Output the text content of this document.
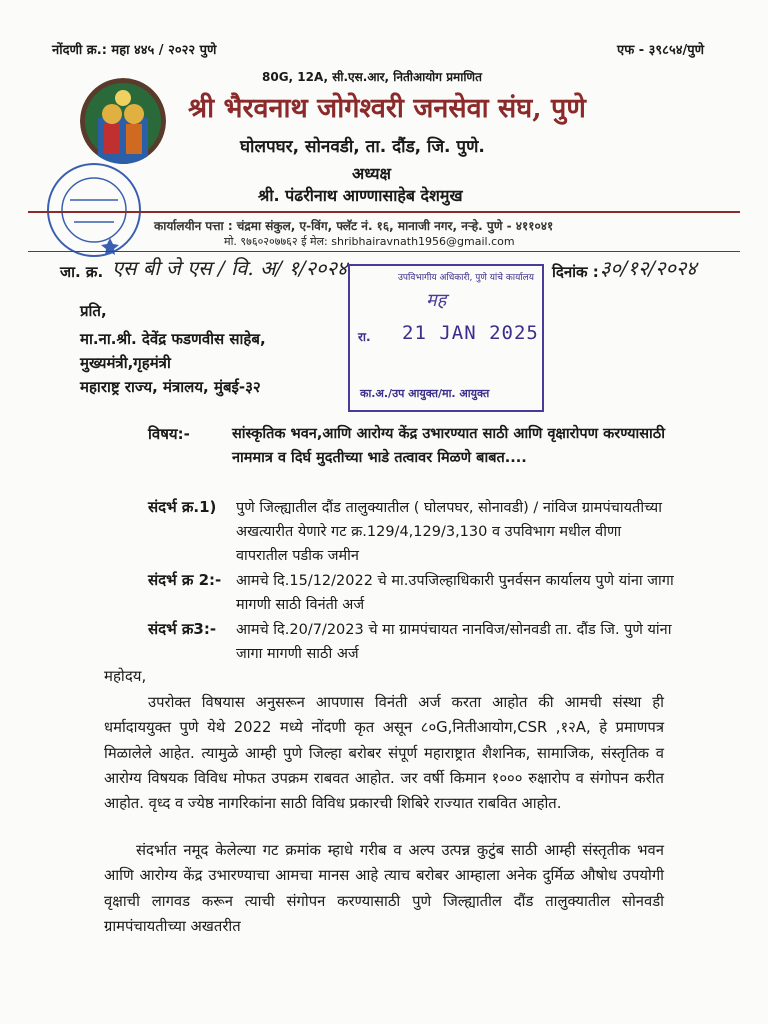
नोंदणी क्र.: महा ४४५ / २०२२ पुणे	एफ - ३९८५४/पुणे
80G, 12A, सी.एस.आर, नितीआयोग प्रमाणित
श्री भैरवनाथ जोगेश्वरी जनसेवा संघ, पुणे
घोलपघर, सोनवडी, ता. दौंड, जि. पुणे.
अध्यक्ष
श्री. पंढरीनाथ आण्णासाहेब देशमुख
कार्यालयीन पत्ता : चंद्रमा संकुल, ए-विंग, फ्लॅट नं. १६, मानाजी नगर, नऱ्हे. पुणे - ४११०४१
मो. ९७६०२०७७६२ ई मेल: shribhairavnath1956@gmail.com
जा. क्र. एस बी जे एस / वि. अ/ १/२०२४	दिनांक : ३०/१२/२०२४
उपविभागीय अधिकारी, पुणे यांचे कार्यालय
मह
रा. 21 JAN 2025
का.अ./उप आयुक्त/मा. आयुक्त
प्रति,
मा.ना.श्री. देवेंद्र फडणवीस साहेब,
मुख्यमंत्री,गृहमंत्री
महाराष्ट्र राज्य, मंत्रालय, मुंबई-३२
विषय:-	सांस्कृतिक भवन,आणि आरोग्य केंद्र उभारण्यात साठी आणि वृक्षारोपण करण्यासाठी नाममात्र व दिर्घ मुदतीच्या भाडे तत्वावर मिळणे बाबत....
संदर्भ क्र.1) पुणे जिल्ह्यातील दौंड तालुक्यातील ( घोलपघर, सोनावडी) / नांविज ग्रामपंचायतीच्या अखत्यारीत येणारे गट क्र.129/4,129/3,130 व उपविभाग मधील वीणा वापरातील पडीक जमीन
संदर्भ क्र 2:- आमचे दि.15/12/2022 चे मा.उपजिल्हाधिकारी पुनर्वसन कार्यालय पुणे यांना जागा मागणी साठी विनंती अर्ज
संदर्भ क्र3:- आमचे दि.20/7/2023 चे मा ग्रामपंचायत नानविज/सोनवडी ता. दौंड जि. पुणे यांना जागा मागणी साठी अर्ज
महोदय,
उपरोक्त विषयास अनुसरून आपणास विनंती अर्ज करता आहोत की आमची संस्था ही धर्मादाययुक्त पुणे येथे 2022 मध्ये नोंदणी कृत असून ८०G,नितीआयोग,CSR ,१२A, हे प्रमाणपत्र मिळालेले आहेत. त्यामुळे आम्ही पुणे जिल्हा बरोबर संपूर्ण महाराष्ट्रात शैशनिक, सामाजिक, संस्तृतिक व आरोग्य विषयक विविध मोफत उपक्रम राबवत आहोत. जर वर्षी किमान १००० रुक्षारोप व संगोपन करीत आहोत. वृध्द व ज्येष्ठ नागरिकांना साठी विविध प्रकारची शिबिरे राज्यात राबवित आहोत.
संदर्भात नमूद केलेल्या गट क्रमांक म्हाधे गरीब व अल्प उत्पन्न कुटुंब साठी आम्ही संस्तृतीक भवन आणि आरोग्य केंद्र उभारण्याचा आमचा मानस आहे त्याच बरोबर आम्हाला अनेक दुर्मिळ औषोध उपयोगी वृक्षाची लागवड करून त्याची संगोपन करण्यासाठी पुणे जिल्ह्यातील दौंड तालुक्यातील सोनवडी ग्रामपंचायतीच्या अखतरीत
